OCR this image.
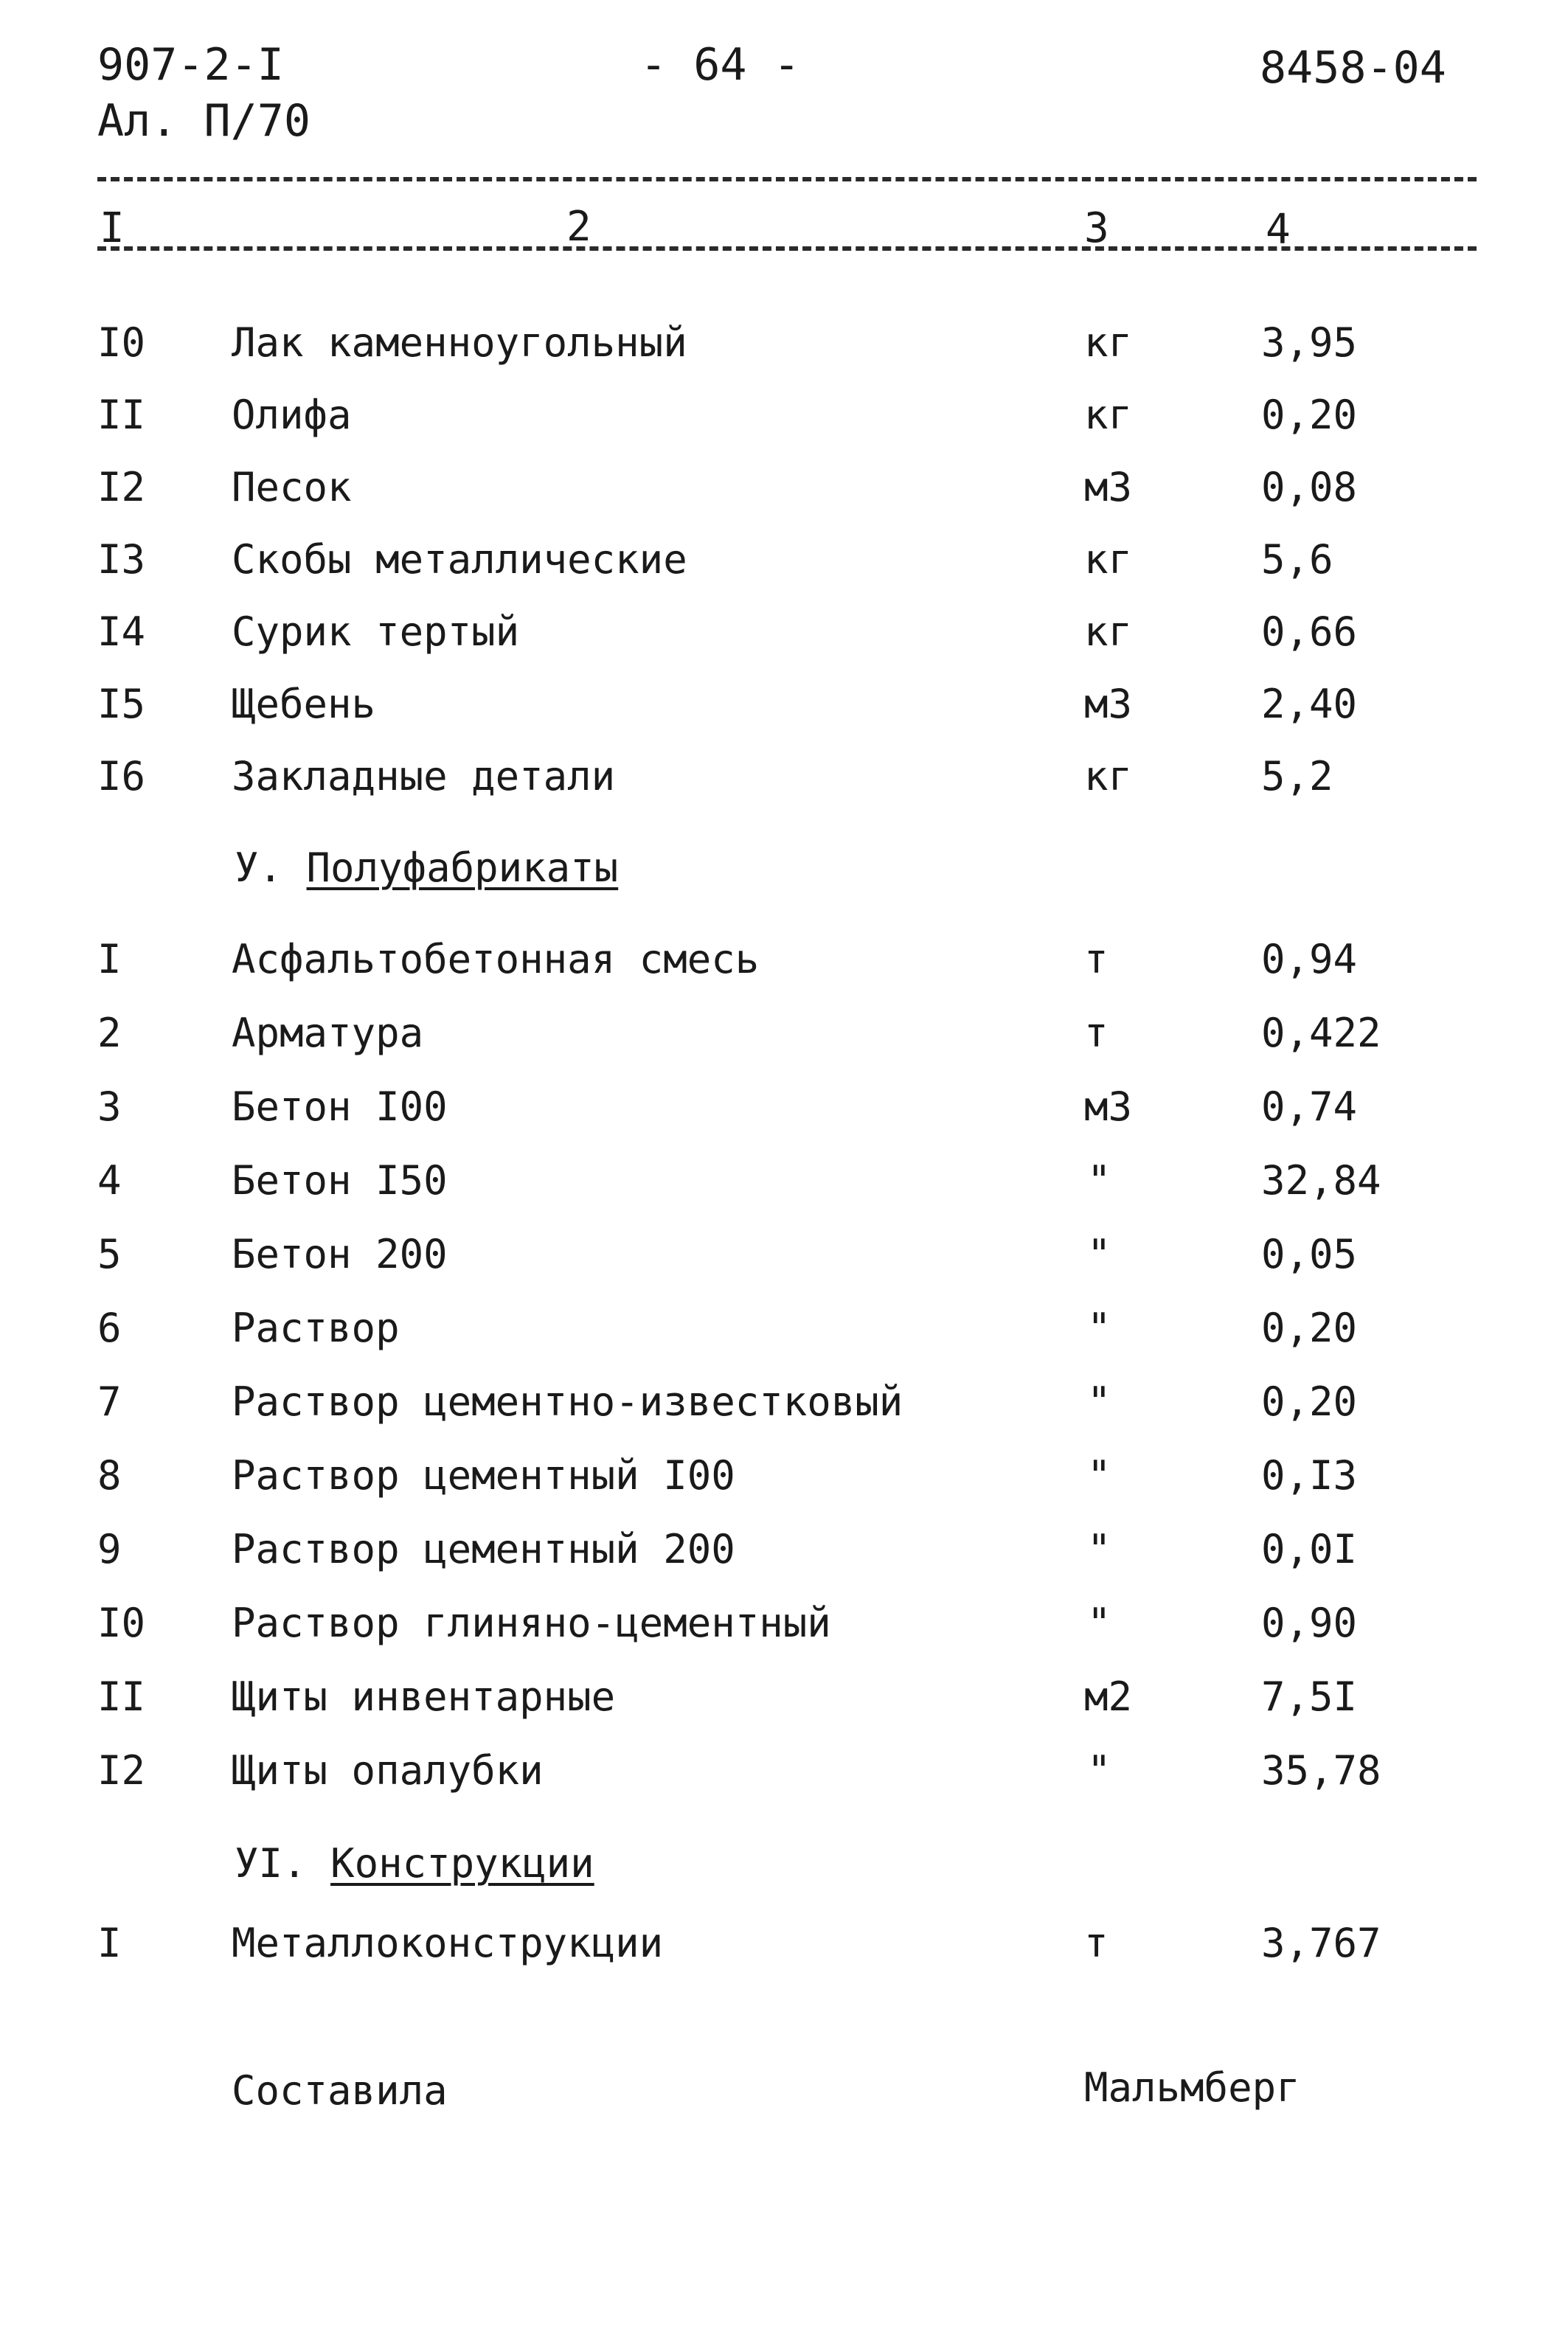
907-2-I	- 64 -	8458-04
Ал. П/70
I	2	3	4
I0 Лак каменноугольный	кг	3,95
II Олифа	кг	0,20
I2 Песок	м3	0,08
I3 Скобы металлические	кг	5,6
I4 Сурик тертый	кг	0,66
I5 Щебень	м3	2,40
I6 Закладные детали	кг	5,2
У. Полуфабрикаты
I	Асфальтобетонная смесь	т	0,94
2	Арматура	т	0,422
3	Бетон I00	м3	0,74
4	Бетон I50	"	32,84
5	Бетон 200	"	0,05
6	Раствор	"	0,20
7	Раствор цементно-известковый	"	0,20
8	Раствор цементный I00	"	0,I3
9	Раствор цементный 200	"	0,0I
I0 Раствор глиняно-цементный	"	0,90
II Щиты инвентарные	м2	7,5I
I2 Щиты опалубки	"	35,78
УI. Конструкции
I	Металлоконструкции	т	3,767
Составила	Мальмберг
